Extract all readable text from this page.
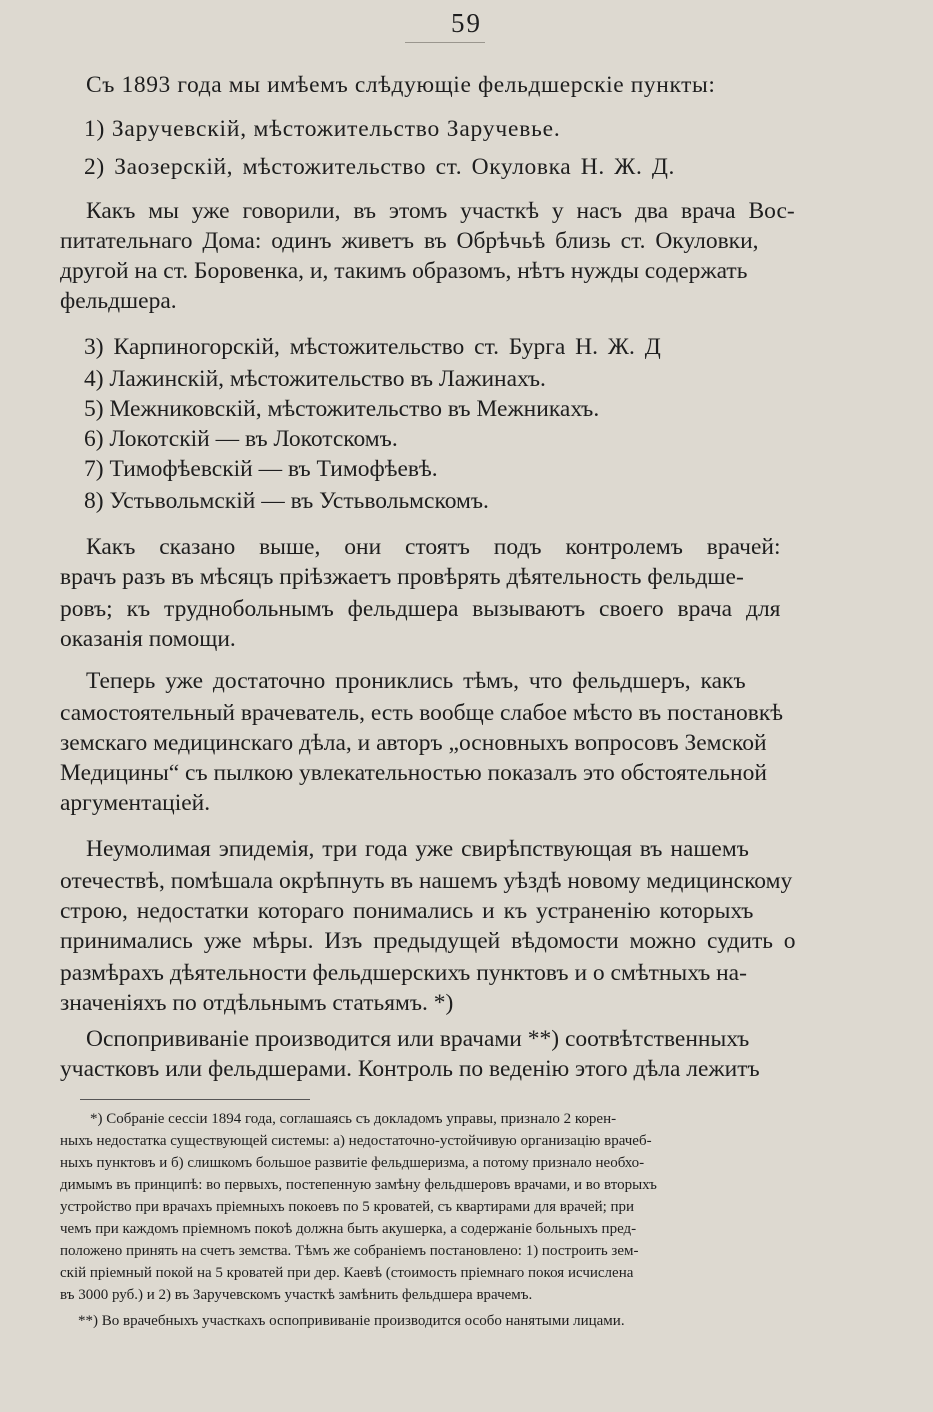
59
Съ 1893 года мы имѣемъ слѣдующіе фельдшерскіе пункты:
1) Заручевскій, мѣстожительство Заручевье.
2) Заозерскій, мѣстожительство ст. Окуловка Н. Ж. Д.
Какъ мы уже говорили, въ этомъ участкѣ у насъ два врача Вос-
питательнаго Дома: одинъ живетъ въ Обрѣчьѣ близь ст. Окуловки,
другой на ст. Боровенка, и, такимъ образомъ, нѣтъ нужды содержать
фельдшера.
3) Карпиногорскій, мѣстожительство ст. Бурга Н. Ж. Д
4) Лажинскій, мѣстожительство въ Лажинахъ.
5) Межниковскій, мѣстожительство въ Межникахъ.
6) Локотскій — въ Локотскомъ.
7) Тимофѣевскій — въ Тимофѣевѣ.
8) Устьвольмскій — въ Устьвольмскомъ.
Какъ сказано выше, они стоятъ подъ контролемъ врачей:
врачъ разъ въ мѣсяцъ пріѣзжаетъ провѣрять дѣятельность фельдше-
ровъ; къ труднобольнымъ фельдшера вызываютъ своего врача для
оказанія помощи.
Теперь уже достаточно прониклись тѣмъ, что фельдшеръ, какъ
самостоятельный врачеватель, есть вообще слабое мѣсто въ постановкѣ
земскаго медицинскаго дѣла, и авторъ „основныхъ вопросовъ Земской
Медицины“ съ пылкою увлекательностью показалъ это обстоятельной
аргументаціей.
Неумолимая эпидемія, три года уже свирѣпствующая въ нашемъ
отечествѣ, помѣшала окрѣпнуть въ нашемъ уѣздѣ новому медицинскому
строю, недостатки котораго понимались и къ устраненію которыхъ
принимались уже мѣры. Изъ предыдущей вѣдомости можно судить о
размѣрахъ дѣятельности фельдшерскихъ пунктовъ и о смѣтныхъ на-
значеніяхъ по отдѣльнымъ статьямъ. *)
Оспопрививаніе производится или врачами **) соотвѣтственныхъ
участковъ или фельдшерами. Контроль по веденію этого дѣла лежитъ
*) Собраніе сессіи 1894 года, соглашаясь съ докладомъ управы, признало 2 корен-
ныхъ недостатка существующей системы: а) недостаточно-устойчивую организацію врачеб-
ныхъ пунктовъ и б) слишкомъ большое развитіе фельдшеризма, а потому признало необхо-
димымъ въ принципѣ: во первыхъ, постепенную замѣну фельдшеровъ врачами, и во вторыхъ
устройство при врачахъ пріемныхъ покоевъ по 5 кроватей, съ квартирами для врачей; при
чемъ при каждомъ пріемномъ покоѣ должна быть акушерка, а содержаніе больныхъ пред-
положено принять на счетъ земства. Тѣмъ же собраніемъ постановлено: 1) построить зем-
скій пріемный покой на 5 кроватей при дер. Каевѣ (стоимость пріемнаго покоя исчислена
въ 3000 руб.) и 2) въ Заручевскомъ участкѣ замѣнить фельдшера врачемъ.
**) Во врачебныхъ участкахъ оспопрививаніе производится особо нанятыми лицами.
